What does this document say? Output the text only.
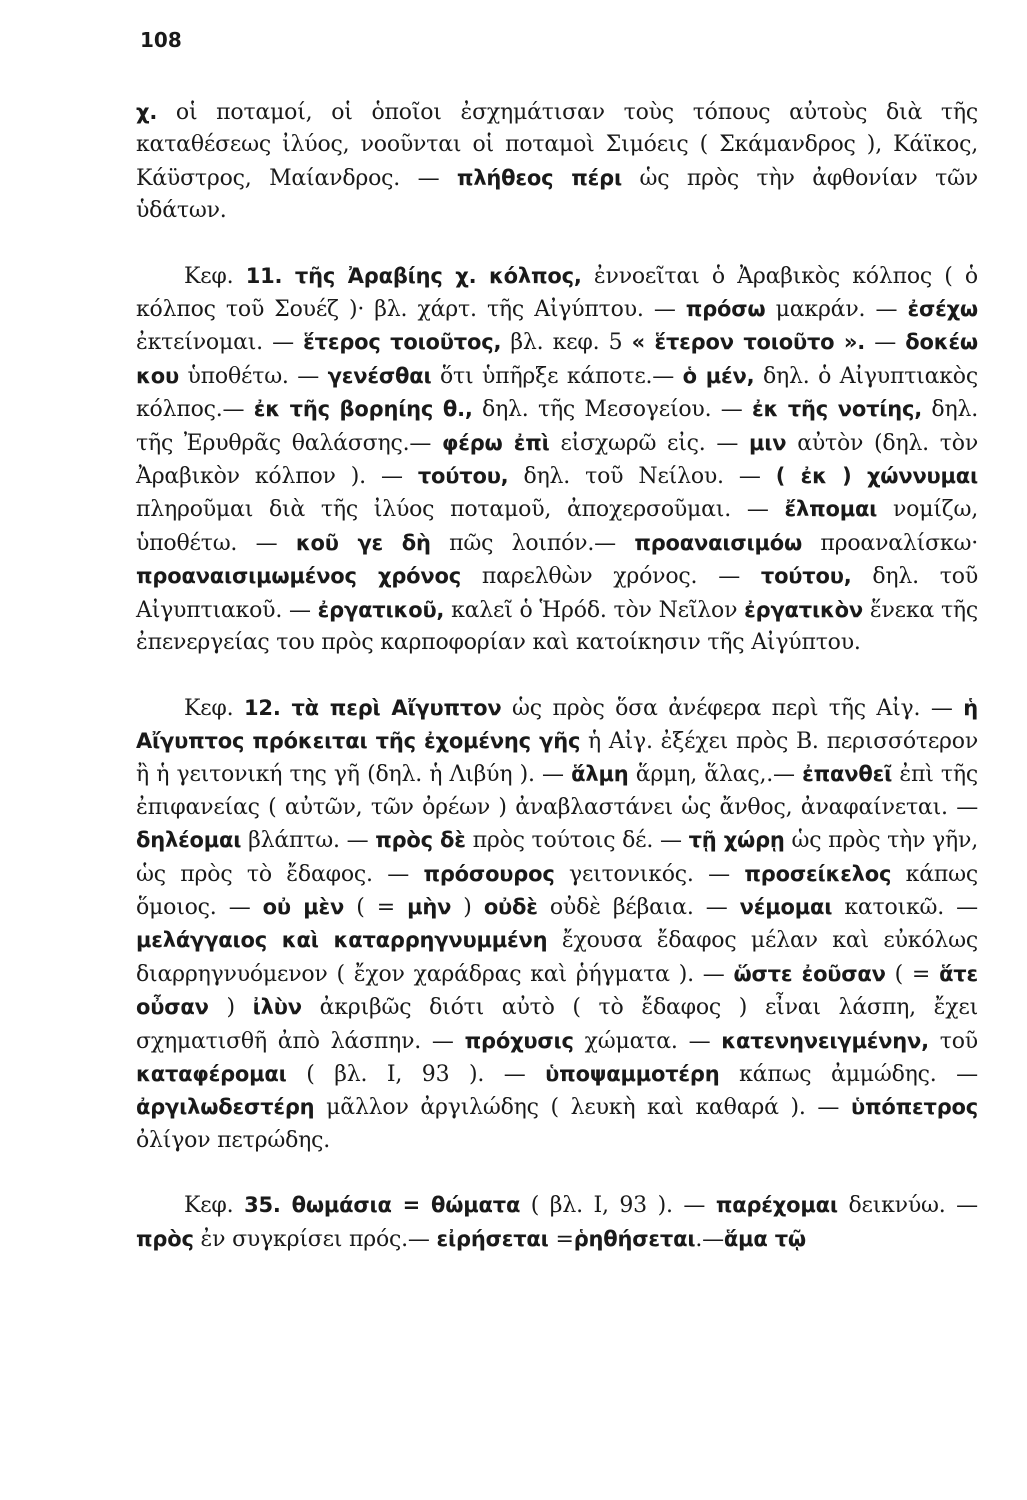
108

χ. οἱ ποταμοί, οἱ ὁποῖοι ἐσχημάτισαν τοὺς τόπους αὐτοὺς διὰ τῆς καταθέσεως ἰλύος, νοοῦνται οἱ ποταμοὶ Σιμόεις ( Σκάμανδρος ), Κάϊκος, Κάϋστρος, Μαίανδρος. — πλήθεος πέρι ὡς πρὸς τὴν ἀφθονίαν τῶν ὑδάτων.

Κεφ. 11. τῆς Ἀραβίης χ. κόλπος, ἐννοεῖται ὁ Ἀραβικὸς κόλπος ( ὁ κόλπος τοῦ Σουέζ )· βλ. χάρτ. τῆς Αἰγύπτου. — πρόσω μακράν. — ἐσέχω ἐκτείνομαι. — ἕτερος τοιοῦτος, βλ. κεφ. 5 « ἕτερον τοιοῦτο ». — δοκέω κου ὑποθέτω. — γενέσθαι ὅτι ὑπῆρξε κάποτε.— ὁ μέν, δηλ. ὁ Αἰγυπτιακὸς κόλπος.— ἐκ τῆς βορηίης θ., δηλ. τῆς Μεσογείου. — ἐκ τῆς νοτίης, δηλ. τῆς Ἐρυθρᾶς θαλάσσης.— φέρω ἐπὶ εἰσχωρῶ εἰς. — μιν αὐτὸν (δηλ. τὸν Ἀραβικὸν κόλπον ). — τούτου, δηλ. τοῦ Νείλου. — ( ἐκ ) χώννυμαι πληροῦμαι διὰ τῆς ἰλύος ποταμοῦ, ἀποχερσοῦμαι. — ἔλπομαι νομίζω, ὑποθέτω. — κοῦ γε δὴ πῶς λοιπόν.— προαναισιμόω προαναλίσκω· προαναισιμωμένος χρόνος παρελθὼν χρόνος. — τούτου, δηλ. τοῦ Αἰγυπτιακοῦ. — ἐργατικοῦ, καλεῖ ὁ Ἡρόδ. τὸν Νεῖλον ἐργατικὸν ἕνεκα τῆς ἐπενεργείας του πρὸς καρποφορίαν καὶ κατοίκησιν τῆς Αἰγύπτου.

Κεφ. 12. τὰ περὶ Αἴγυπτον ὡς πρὸς ὅσα ἀνέφερα περὶ τῆς Αἰγ. — ἡ Αἴγυπτος πρόκειται τῆς ἐχομένης γῆς ἡ Αἰγ. ἐξέχει πρὸς Β. περισσότερον ἢ ἡ γειτονική της γῆ (δηλ. ἡ Λιβύη ). — ἅλμη ἅρμη, ἅλας,.— ἐπανθεῖ ἐπὶ τῆς ἐπιφανείας ( αὐτῶν, τῶν ὀρέων ) ἀναβλαστάνει ὡς ἄνθος, ἀναφαίνεται. — δηλέομαι βλάπτω. — πρὸς δὲ πρὸς τούτοις δέ. — τῇ χώρῃ ὡς πρὸς τὴν γῆν, ὡς πρὸς τὸ ἔδαφος. — πρόσουρος γειτονικός. — προσείκελος κάπως ὅμοιος. — οὐ μὲν ( = μὴν ) οὐδὲ οὐδὲ βέβαια. — νέμομαι κατοικῶ. — μελάγγαιος καὶ καταρρηγνυμμένη ἔχουσα ἔδαφος μέλαν καὶ εὐκόλως διαρρηγνυόμενον ( ἔχον χαράδρας καὶ ῥήγματα ). — ὥστε ἐοῦσαν ( = ἅτε οὖσαν ) ἰλὺν ἀκριβῶς διότι αὐτὸ ( τὸ ἔδαφος ) εἶναι λάσπη, ἔχει σχηματισθῆ ἀπὸ λάσπην. — πρόχυσις χώματα. — κατενηνειγμένην, τοῦ καταφέρομαι ( βλ. Ι, 93 ). — ὑποψαμμοτέρη κάπως ἀμμώδης. — ἀργιλωδεστέρη μᾶλλον ἀργιλώδης ( λευκὴ καὶ καθαρά ). — ὑπόπετρος ὀλίγον πετρώδης.

Κεφ. 35. θωμάσια = θώματα ( βλ. Ι, 93 ). — παρέχομαι δεικνύω. — πρὸς ἐν συγκρίσει πρός.— εἰρήσεται =ῥηθήσεται.—ἅμα τῷ
